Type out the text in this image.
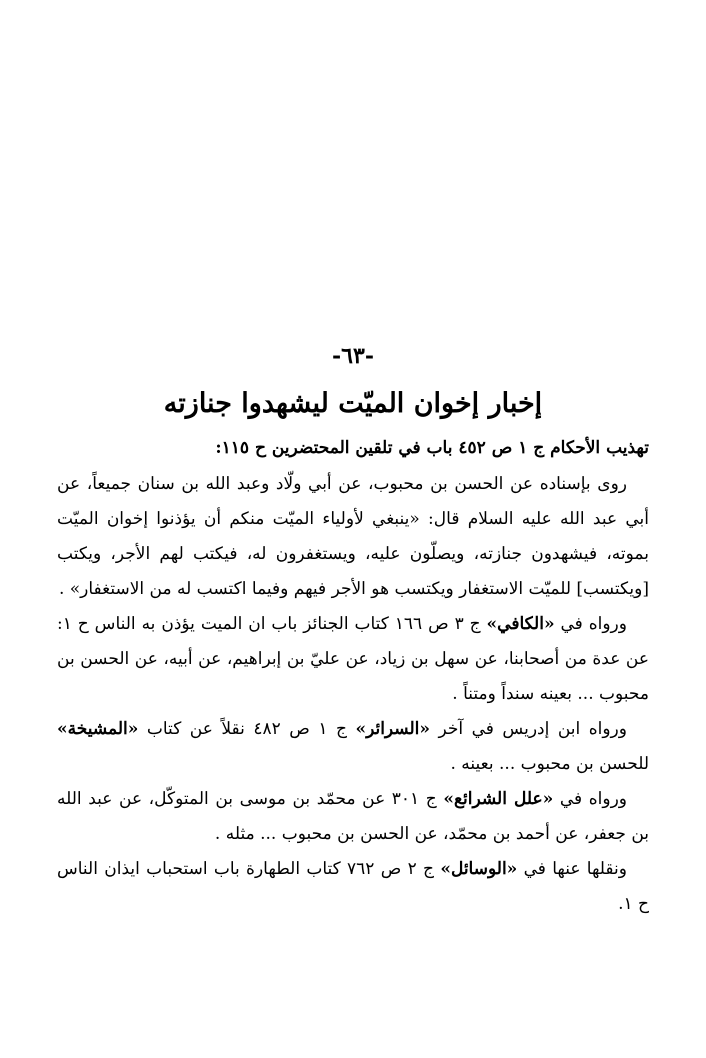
-٦٣-
إخبار إخوان الميّت ليشهدوا جنازته
تهذيب الأحكام ج ١ ص ٤٥٢ باب في تلقين المحتضرين ح ١١٥:

روى بإسناده عن الحسن بن محبوب، عن أبي ولّاد وعبد الله بن سنان جميعاً، عن أبي عبد الله عليه السلام قال: «ينبغي لأولياء الميّت منكم أن يؤذنوا إخوان الميّت بموته، فيشهدون جنازته، ويصلّون عليه، ويستغفرون له، فيكتب لهم الأجر، ويكتب [ويكتسب] للميّت الاستغفار ويكتسب هو الأجر فيهم وفيما اكتسب له من الاستغفار» .

ورواه في «الكافي» ج ٣ ص ١٦٦ كتاب الجنائز باب ان الميت يؤذن به الناس ح ١: عن عدة من أصحابنا، عن سهل بن زياد، عن عليّ بن إبراهيم، عن أبيه، عن الحسن بن محبوب ... بعينه سنداً ومتناً .

ورواه ابن إدريس في آخر «السرائر» ج ١ ص ٤٨٢ نقلاً عن كتاب «المشيخة» للحسن بن محبوب ... بعينه .

ورواه في «علل الشرائع» ج ٣٠١ عن محمّد بن موسى بن المتوكّل، عن عبد الله بن جعفر، عن أحمد بن محمّد، عن الحسن بن محبوب ... مثله .

ونقلها عنها في «الوسائل» ج ٢ ص ٧٦٢ كتاب الطهارة باب استحباب ايذان الناس ح ١.
